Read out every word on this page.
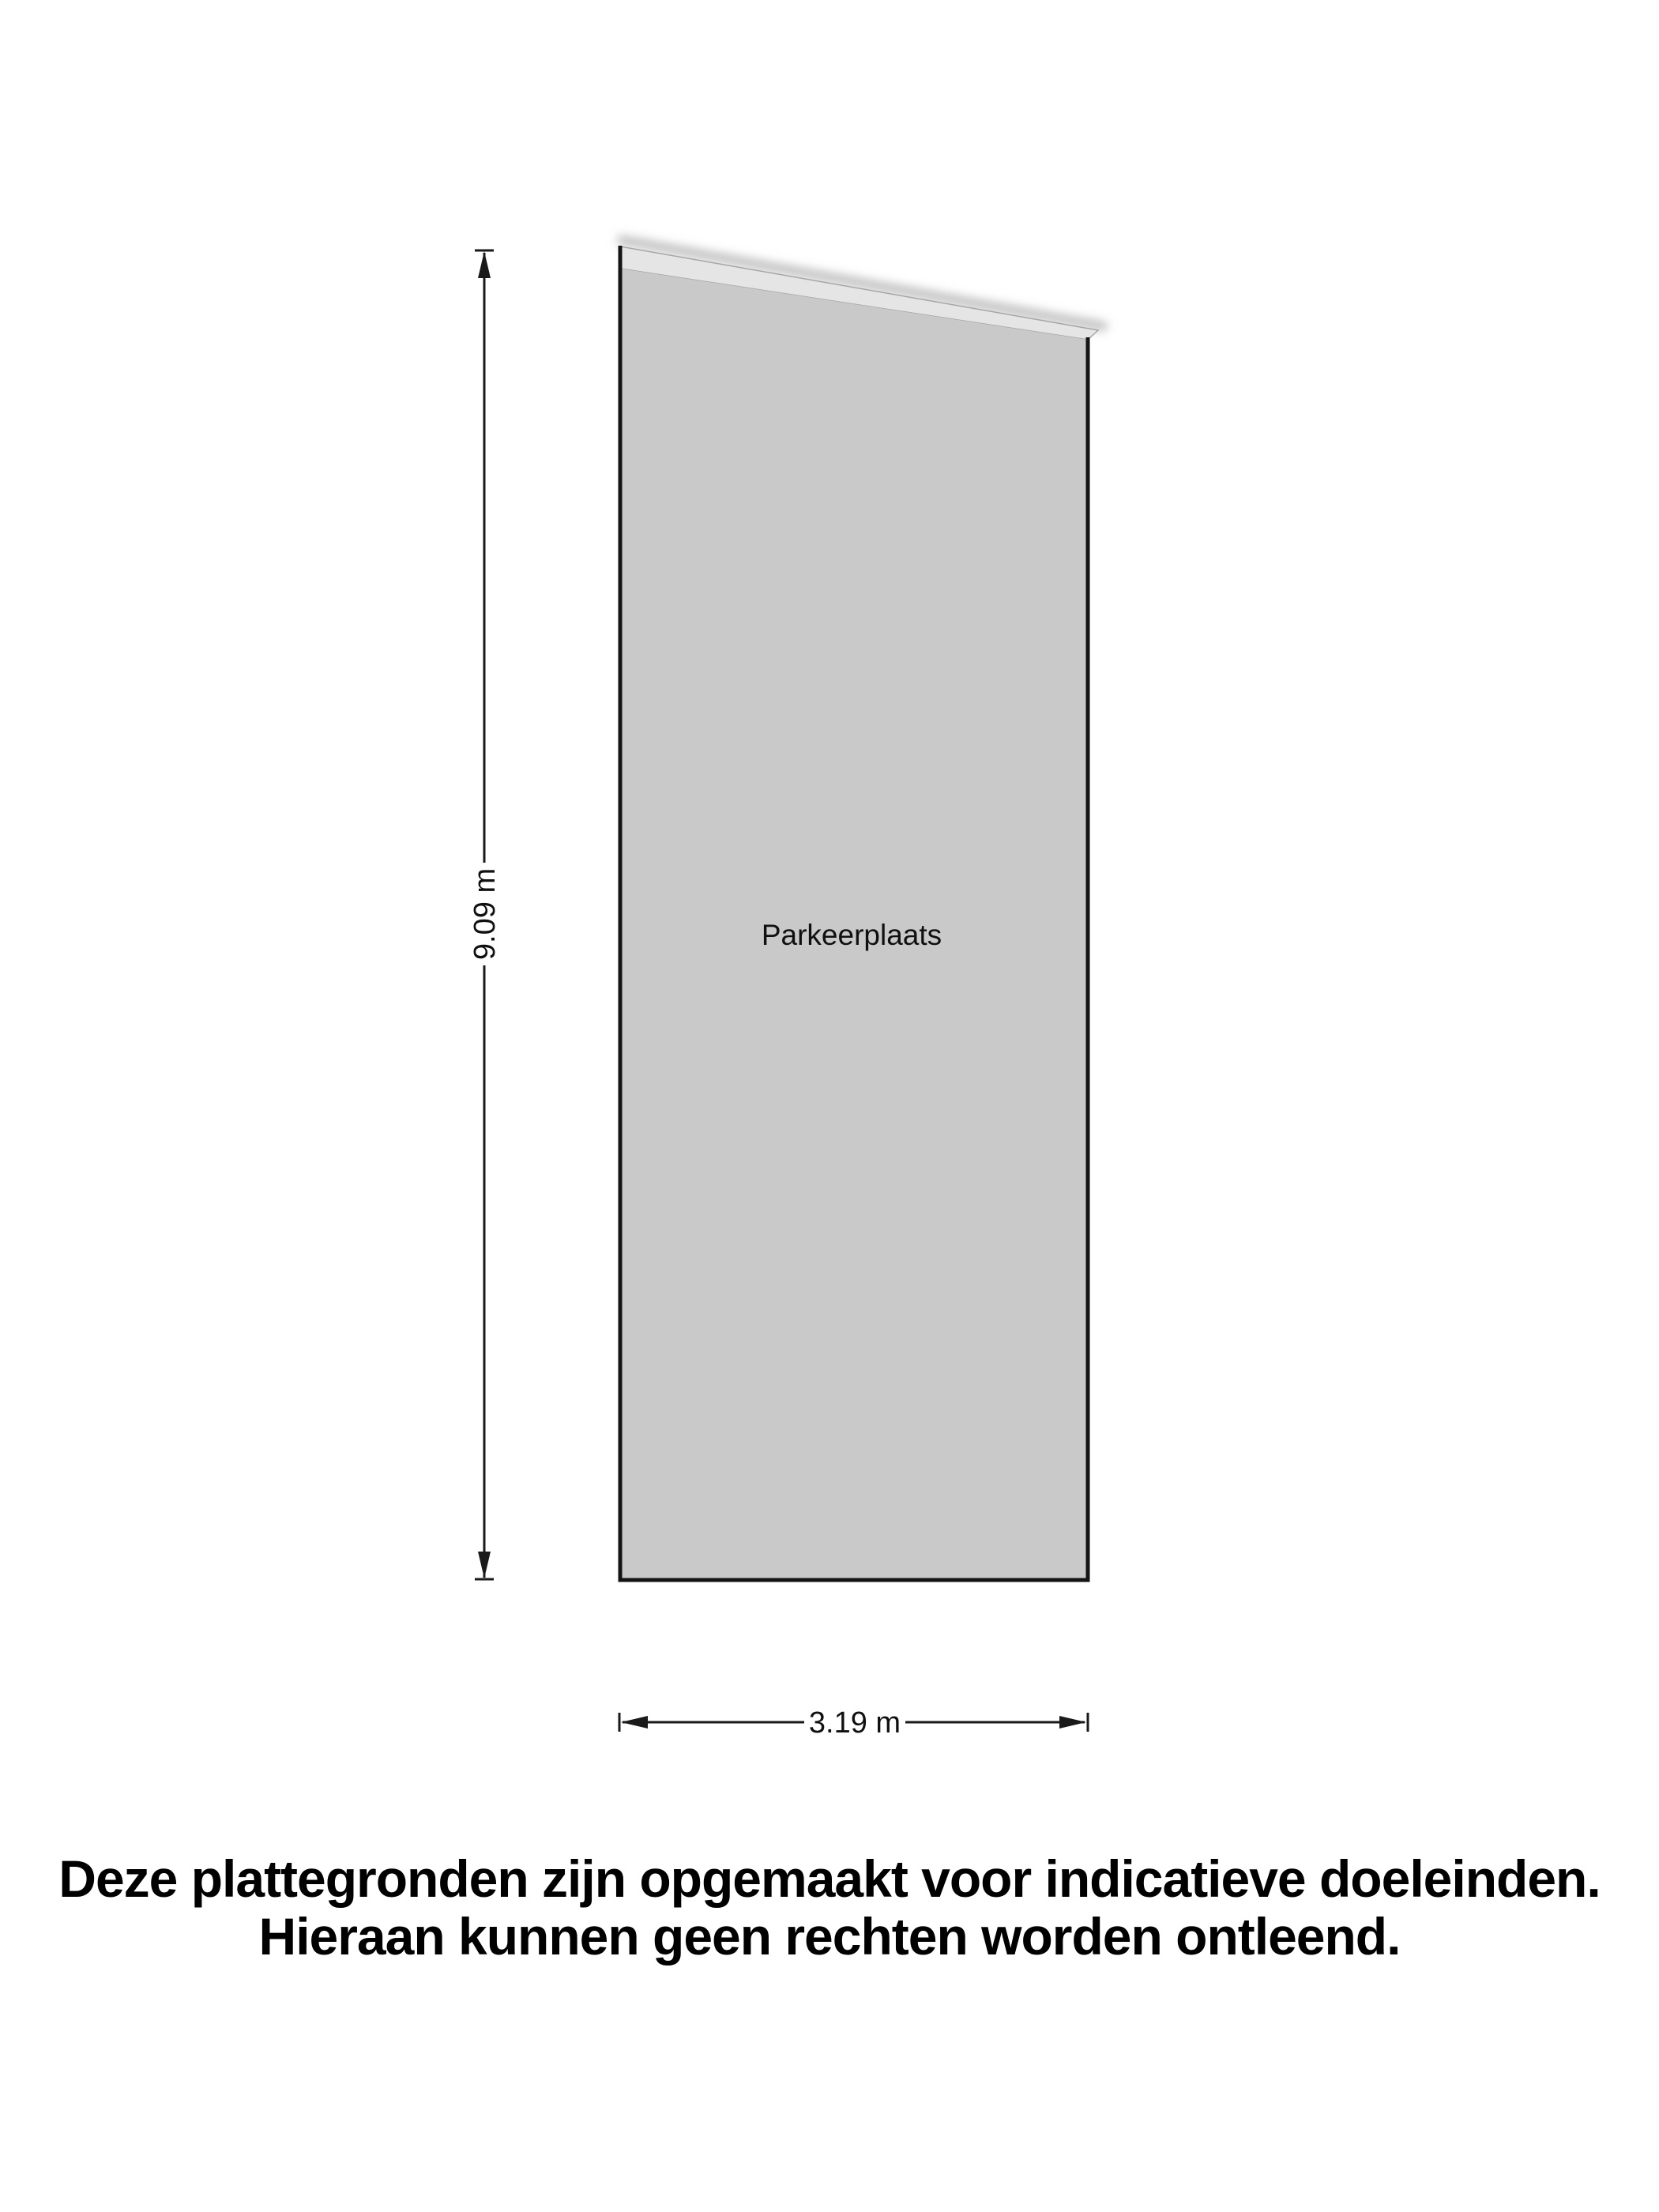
Parkeerplaats
9.09 m
3.19 m
Deze plattegronden zijn opgemaakt voor indicatieve doeleinden.
Hieraan kunnen geen rechten worden ontleend.
